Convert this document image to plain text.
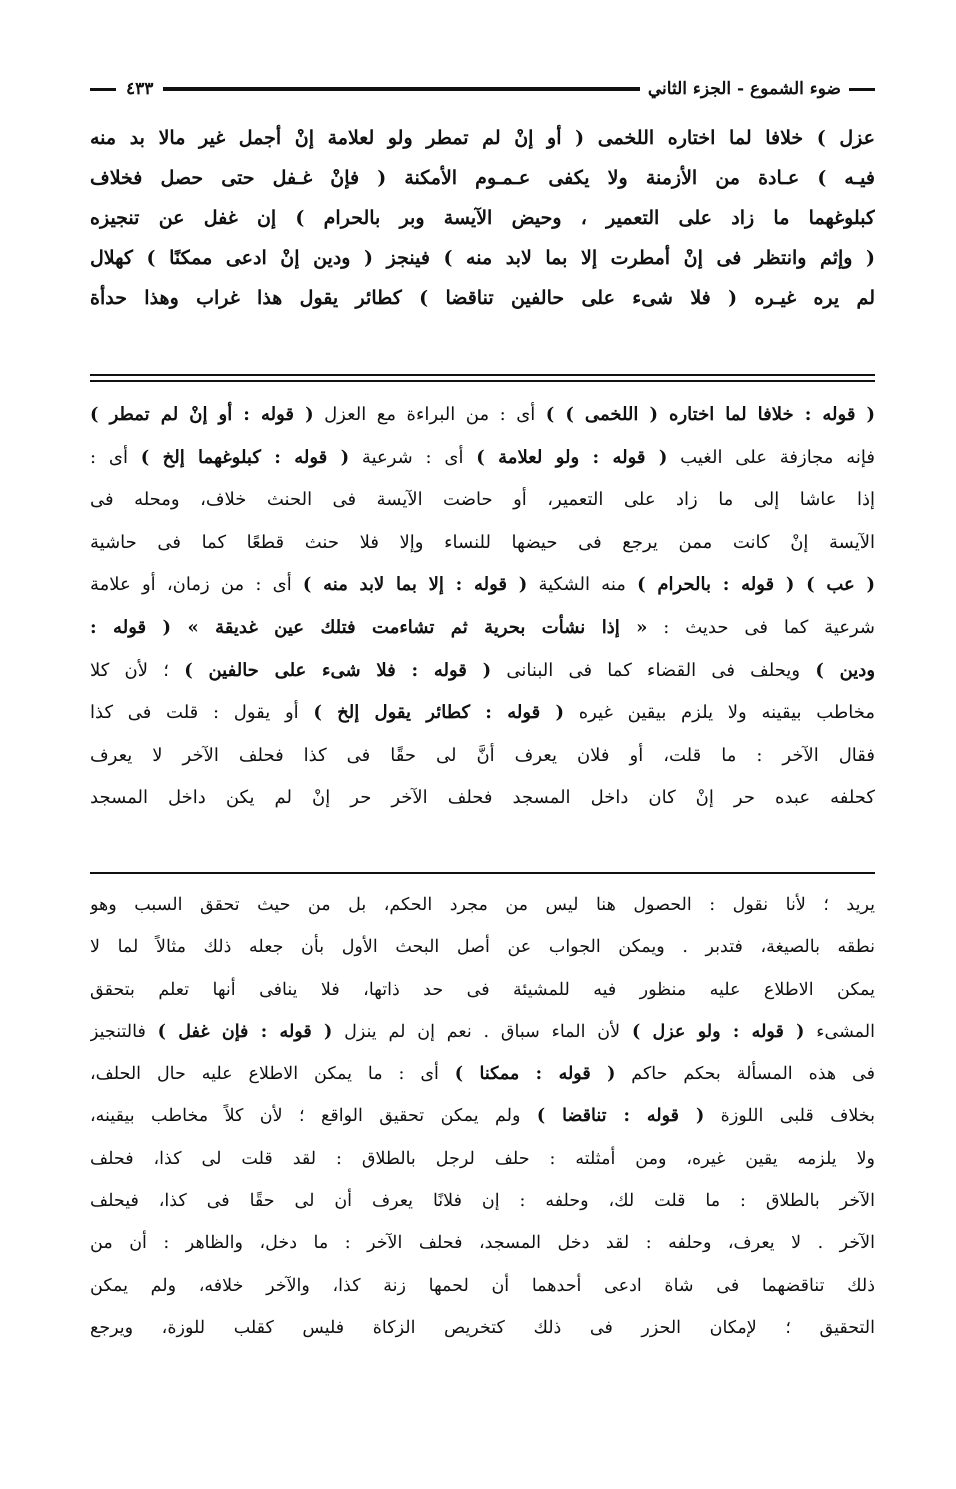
ضوء الشموع - الجزء الثاني
٤٣٣
عزل ) خلافا لما اختاره اللخمى ( أو إنْ لم تمطر ولو لعلامة إنْ أجمل غير مالا بد منه
فيـه ) عـادة من الأزمنة ولا يكفى عـمـوم الأمكنة ( فإنْ غـفل حتى حصل فخلاف
كبلوغهما ما زاد على التعمير ، وحيض الآيسة وبر بالحرام ) إن غفل عن تنجيزه
( وإثم وانتظر فى إنْ أمطرت إلا بما لابد منه ) فينجز ( ودين إنْ ادعى ممكنًا ) كهلال
لم يره غيـره ( فلا شىء على حالفين تناقضا ) كطائر يقول هذا غراب وهذا حدأة
( قوله : خلافا لما اختاره ( اللخمى ) ) أى : من البراءة مع العزل ( قوله : أو إنْ لم تمطر )
فإنه مجازفة على الغيب ( قوله : ولو لعلامة ) أى : شرعية ( قوله : كبلوغهما إلخ ) أى :
إذا عاشا إلى ما زاد على التعمير، أو حاضت الآيسة فى الحنث خلاف، ومحله فى
الآيسة إنْ كانت ممن يرجع فى حيضها للنساء وإلا فلا حنث قطعًا كما فى حاشية
( عب ) ( قوله : بالحرام ) منه الشكية ( قوله : إلا بما لابد منه ) أى : من زمان، أو علامة
شرعية كما فى حديث : « إذا نشأت بحرية ثم تشاءمت فتلك عين غديقة » ( قوله :
ودين ) ويحلف فى القضاء كما فى البنانى ( قوله : فلا شىء على حالفين ) ؛ لأن كلا
مخاطب بيقينه ولا يلزم بيقين غيره ( قوله : كطائر يقول إلخ ) أو يقول : قلت فى كذا
فقال الآخر : ما قلت، أو فلان يعرف أنَّ لى حقًا فى كذا فحلف الآخر لا يعرف
كحلفه عبده حر إنْ كان داخل المسجد فحلف الآخر حر إنْ لم يكن داخل المسجد
يريد ؛ لأنا نقول : الحصول هنا ليس من مجرد الحكم، بل من حيث تحقق السبب وهو
نطقه بالصيغة، فتدبر . ويمكن الجواب عن أصل البحث الأول بأن جعله ذلك مثالاً لما لا
يمكن الاطلاع عليه منظور فيه للمشيئة فى حد ذاتها، فلا ينافى أنها تعلم بتحقق
المشىء ( قوله : ولو عزل ) لأن الماء سباق . نعم إن لم ينزل ( قوله : فإن غفل ) فالتنجيز
فى هذه المسألة بحكم حاكم ( قوله : ممكنا ) أى : ما يمكن الاطلاع عليه حال الحلف،
بخلاف قلبى اللوزة ( قوله : تناقضا ) ولم يمكن تحقيق الواقع ؛ لأن كلاً مخاطب بيقينه،
ولا يلزمه يقين غيره، ومن أمثلته : حلف لرجل بالطلاق : لقد قلت لى كذا، فحلف
الآخر بالطلاق : ما قلت لك، وحلفه : إن فلانًا يعرف أن لى حقًا فى كذا، فيحلف
الآخر . لا يعرف، وحلفه : لقد دخل المسجد، فحلف الآخر : ما دخل، والظاهر : أن من
ذلك تناقضهما فى شاة ادعى أحدهما أن لحمها زنة كذا، والآخر خلافه، ولم يمكن
التحقيق ؛ لإمكان الحزر فى ذلك كتخريص الزكاة فليس كقلب للوزة، ويرجع
